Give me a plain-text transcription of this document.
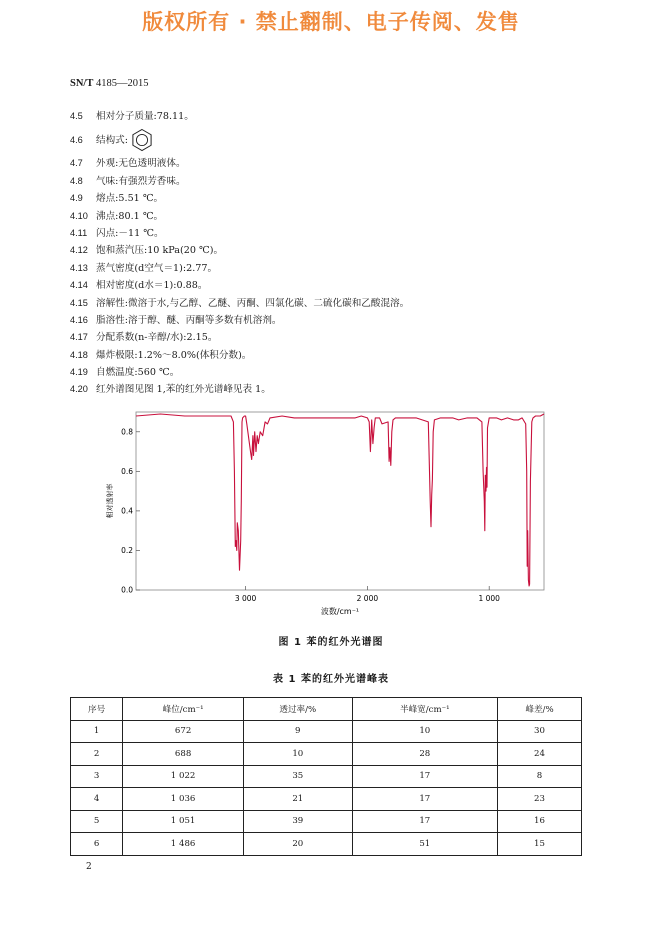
版权所有 · 禁止翻制、电子传阅、发售
SN/T 4185—2015
4.5	相对分子质量:78.11。
4.6	结构式:
4.7	外观:无色透明液体。
4.8	气味:有强烈芳香味。
4.9	熔点:5.51 ℃。
4.10 沸点:80.1 ℃。
4.11 闪点:－11 ℃。
4.12 饱和蒸汽压:10 kPa(20 ℃)。
4.13 蒸气密度(d空气＝1):2.77。
4.14 相对密度(d水＝1):0.88。
4.15 溶解性:微溶于水,与乙醇、乙醚、丙酮、四氯化碳、二硫化碳和乙酸混溶。
4.16 脂溶性:溶于醇、醚、丙酮等多数有机溶剂。
4.17 分配系数(n-辛醇/水):2.15。
4.18 爆炸极限:1.2%～8.0%(体积分数)。
4.19 自燃温度:560 ℃。
4.20 红外谱图见图 1,苯的红外光谱峰见表 1。
0.0
0.2
0.4
0.6
0.8
3 000	2 000	1 000
波数/cm⁻¹
相对透射率
图 1 苯的红外光谱图
表 1 苯的红外光谱峰表
序号	峰位/cm⁻¹	透过率/%	半峰宽/cm⁻¹	峰差/%
1	672	9	10	30
2	688	10	28	24
3	1 022	35	17	8
4	1 036	21	17	23
5	1 051	39	17	16
6	1 486	20	51	15
2
